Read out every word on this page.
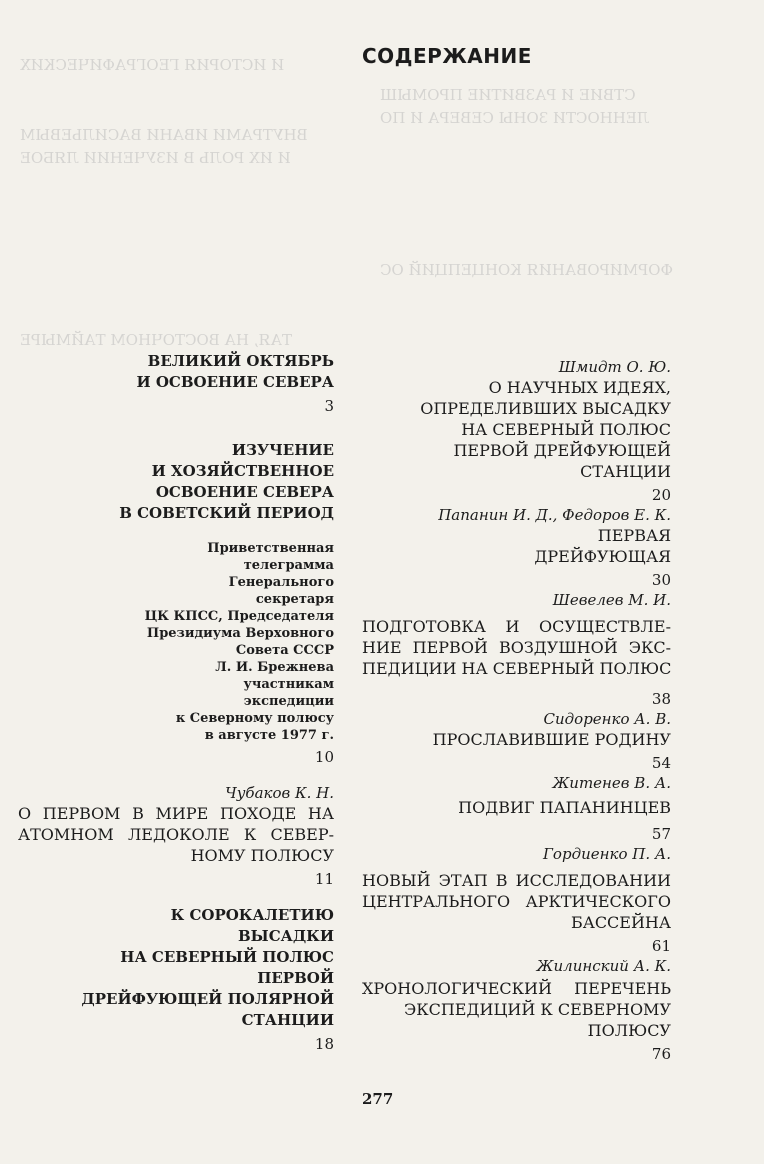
И ИСТОРИЯ ГЕОГРАФИЧЕСКИХ
ВНУТРАМИ ИВАНИ ВАСИЛЬЕВЫМ
И ИХ РОЛЬ В ИЗУЧЕНИИ ЛЯБОЕ
ТАЯ, НА ВОСТОЧНОМ ТАЙМЫРЕ
СТВИЕ И РАЗВИТИЕ ПРОМЫШ
ЛЕННОСТИ ЗОНЫ СЕВЕРА И ПО
ФОРМИРОВАНИЯ КОНЦЕПЦИЙ ОС
СОДЕРЖАНИЕ
ВЕЛИКИЙ ОКТЯБРЬ
И ОСВОЕНИЕ СЕВЕРА
3
ИЗУЧЕНИЕ
И ХОЗЯЙСТВЕННОЕ
ОСВОЕНИЕ СЕВЕРА
В СОВЕТСКИЙ ПЕРИОД
Приветственная
телеграмма
Генерального
секретаря
ЦК КПСС, Председателя
Президиума Верховного
Совета СССР
Л. И. Брежнева
участникам
экспедиции
к Северному полюсу
в августе 1977 г.
10
Чубаков К. Н.
О ПЕРВОМ В МИРЕ ПОХОДЕ НА
АТОМНОМ ЛЕДОКОЛЕ К СЕВЕР-
НОМУ ПОЛЮСУ
11
К СОРОКАЛЕТИЮ
ВЫСАДКИ
НА СЕВЕРНЫЙ ПОЛЮС
ПЕРВОЙ
ДРЕЙФУЮЩЕЙ ПОЛЯРНОЙ
СТАНЦИИ
18
Шмидт О. Ю.
О НАУЧНЫХ ИДЕЯХ,
ОПРЕДЕЛИВШИХ ВЫСАДКУ
НА СЕВЕРНЫЙ ПОЛЮС
ПЕРВОЙ ДРЕЙФУЮЩЕЙ
СТАНЦИИ
20
Папанин И. Д., Федоров Е. К.
ПЕРВАЯ
ДРЕЙФУЮЩАЯ
30
Шевелев М. И.
ПОДГОТОВКА И ОСУЩЕСТВЛЕ-
НИЕ ПЕРВОЙ ВОЗДУШНОЙ ЭКС-
ПЕДИЦИИ НА СЕВЕРНЫЙ ПОЛЮС
38
Сидоренко А. В.
ПРОСЛАВИВШИЕ РОДИНУ
54
Житенев В. А.
ПОДВИГ ПАПАНИНЦЕВ
57
Гордиенко П. А.
НОВЫЙ ЭТАП В ИССЛЕДОВАНИИ
ЦЕНТРАЛЬНОГО АРКТИЧЕСКОГО
БАССЕЙНА
61
Жилинский А. К.
ХРОНОЛОГИЧЕСКИЙ ПЕРЕЧЕНЬ
ЭКСПЕДИЦИЙ К СЕВЕРНОМУ
ПОЛЮСУ
76
277
